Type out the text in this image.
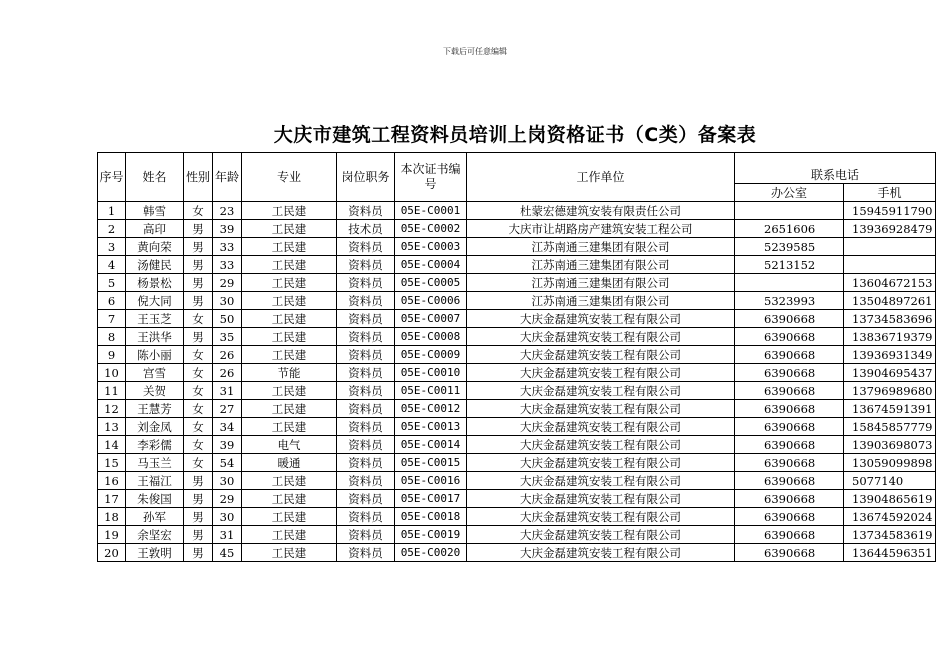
下载后可任意编辑
大庆市建筑工程资料员培训上岗资格证书（C类）备案表
序号	姓名	性别	年龄	专业	岗位职务	本次证书编号	工作单位	联系电话	
								办公室	手机
1	韩雪	女	23	工民建	资料员	05E-C0001	杜蒙宏德建筑安装有限责任公司		15945911790
2	高印	男	39	工民建	技术员	05E-C0002	大庆市让胡路房产建筑安装工程公司	2651606	13936928479
3	黄向荣	男	33	工民建	资料员	05E-C0003	江苏南通三建集团有限公司	5239585	
4	汤健民	男	33	工民建	资料员	05E-C0004	江苏南通三建集团有限公司	5213152	
5	杨景松	男	29	工民建	资料员	05E-C0005	江苏南通三建集团有限公司		13604672153
6	倪大同	男	30	工民建	资料员	05E-C0006	江苏南通三建集团有限公司	5323993	13504897261
7	王玉芝	女	50	工民建	资料员	05E-C0007	大庆金磊建筑安装工程有限公司	6390668	13734583696
8	王洪华	男	35	工民建	资料员	05E-C0008	大庆金磊建筑安装工程有限公司	6390668	13836719379
9	陈小丽	女	26	工民建	资料员	05E-C0009	大庆金磊建筑安装工程有限公司	6390668	13936931349
10	宫雪	女	26	节能	资料员	05E-C0010	大庆金磊建筑安装工程有限公司	6390668	13904695437
11	关贺	女	31	工民建	资料员	05E-C0011	大庆金磊建筑安装工程有限公司	6390668	13796989680
12	王慧芳	女	27	工民建	资料员	05E-C0012	大庆金磊建筑安装工程有限公司	6390668	13674591391
13	刘金凤	女	34	工民建	资料员	05E-C0013	大庆金磊建筑安装工程有限公司	6390668	15845857779
14	李彩儒	女	39	电气	资料员	05E-C0014	大庆金磊建筑安装工程有限公司	6390668	13903698073
15	马玉兰	女	54	暖通	资料员	05E-C0015	大庆金磊建筑安装工程有限公司	6390668	13059099898
16	王福江	男	30	工民建	资料员	05E-C0016	大庆金磊建筑安装工程有限公司	6390668	5077140
17	朱俊国	男	29	工民建	资料员	05E-C0017	大庆金磊建筑安装工程有限公司	6390668	13904865619
18	孙军	男	30	工民建	资料员	05E-C0018	大庆金磊建筑安装工程有限公司	6390668	13674592024
19	余坚宏	男	31	工民建	资料员	05E-C0019	大庆金磊建筑安装工程有限公司	6390668	13734583619
20	王敦明	男	45	工民建	资料员	05E-C0020	大庆金磊建筑安装工程有限公司	6390668	13644596351
